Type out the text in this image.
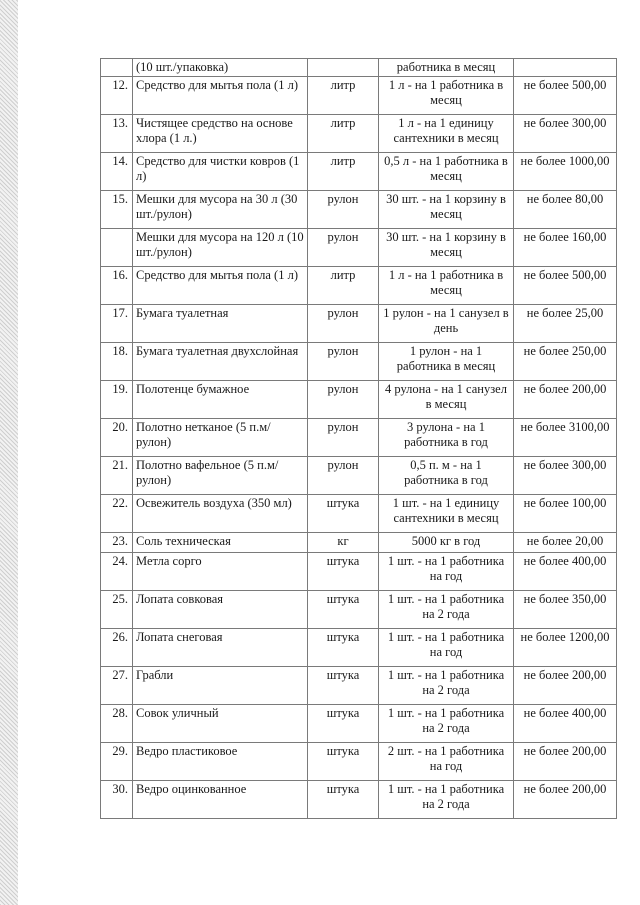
	(10 шт./упаковка)		работника в месяц	
12.	Средство для мытья пола (1 л)	литр	1 л - на 1 работника в месяц	не более 500,00
13.	Чистящее средство на основе хлора (1 л.)	литр	1 л - на 1 единицу сантехники в месяц	не более 300,00
14.	Средство для чистки ковров (1 л)	литр	0,5 л - на 1 работника в месяц	не более 1000,00
15.	Мешки для мусора на 30 л (30 шт./рулон)	рулон	30 шт. - на 1 корзину в месяц	не более 80,00
	Мешки для мусора на 120 л (10 шт./рулон)	рулон	30 шт. - на 1 корзину в месяц	не более 160,00
16.	Средство для мытья пола (1 л)	литр	1 л - на 1 работника в месяц	не более 500,00
17.	Бумага туалетная	рулон	1 рулон - на 1 санузел в день	не более 25,00
18.	Бумага туалетная двухслойная	рулон	1 рулон - на 1 работника в месяц	не более 250,00
19.	Полотенце бумажное	рулон	4 рулона - на 1 санузел в месяц	не более 200,00
20.	Полотно нетканое (5 п.м/рулон)	рулон	3 рулона - на 1 работника в год	не более 3100,00
21.	Полотно вафельное (5 п.м/рулон)	рулон	0,5 п. м - на 1 работника в год	не более 300,00
22.	Освежитель воздуха (350 мл)	штука	1 шт. - на 1 единицу сантехники в месяц	не более 100,00
23.	Соль техническая	кг	5000 кг в год	не более 20,00
24.	Метла сорго	штука	1 шт. - на 1 работника на год	не более 400,00
25.	Лопата совковая	штука	1 шт. - на 1 работника на 2 года	не более 350,00
26.	Лопата снеговая	штука	1 шт. - на 1 работника на год	не более 1200,00
27.	Грабли	штука	1 шт. - на 1 работника на 2 года	не более 200,00
28.	Совок уличный	штука	1 шт. - на 1 работника на 2 года	не более 400,00
29.	Ведро пластиковое	штука	2 шт. - на 1 работника на год	не более 200,00
30.	Ведро оцинкованное	штука	1 шт. - на 1 работника на 2 года	не более 200,00
